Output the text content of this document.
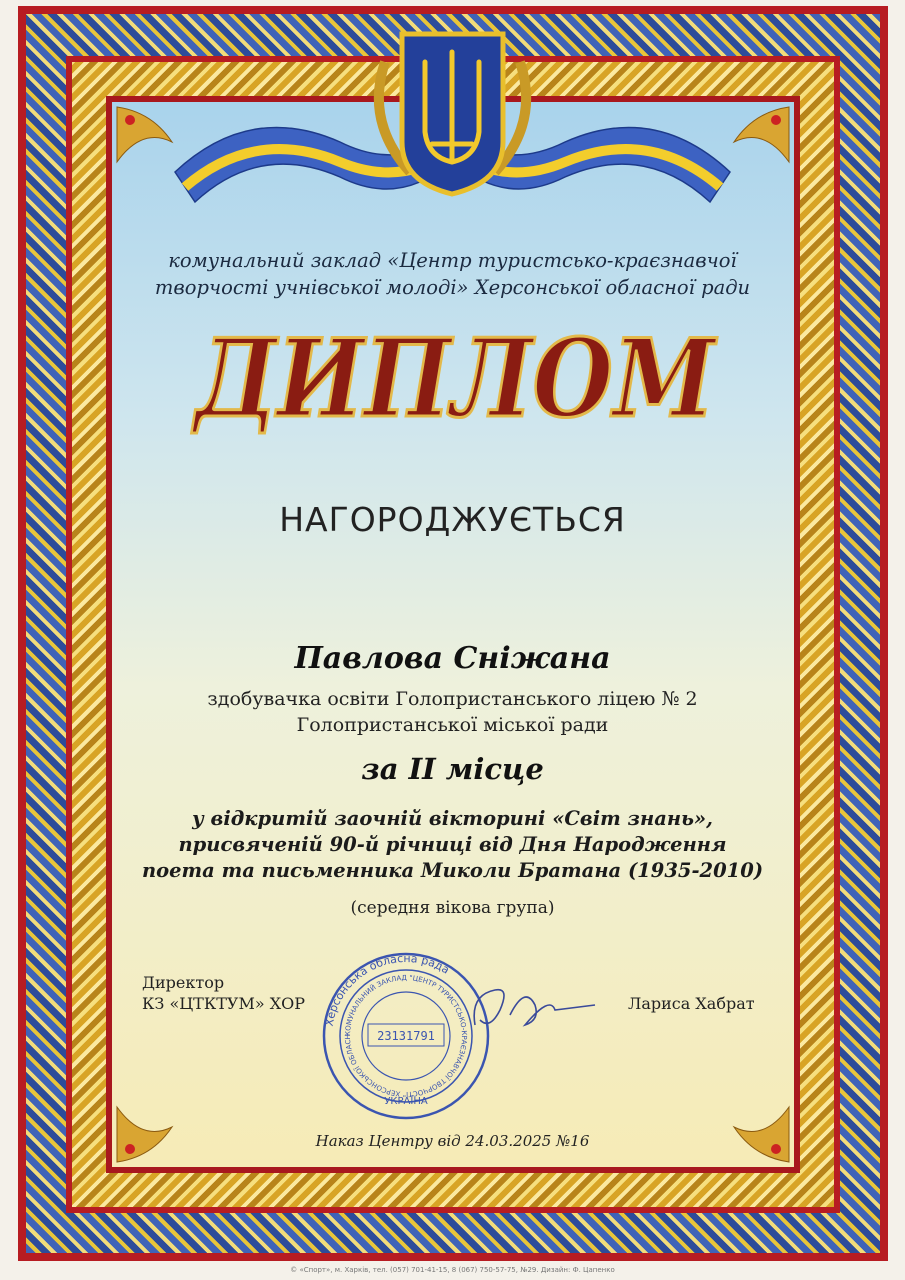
комунальний заклад «Центр туристсько-краєзнавчої
творчості учнівської молоді» Херсонської обласної ради
ДИПЛОМ
НАГОРОДЖУЄТЬСЯ
Павлова Сніжана
здобувачка освіти Голопристанського ліцею № 2
Голопристанської міської ради
за ІІ місце
у відкритій заочній вікторині «Світ знань»,
присвяченій 90-й річниці від Дня Народження
поета та письменника Миколи Братана (1935-2010)
(середня вікова група)
Директор
КЗ «ЦТКТУМ» ХОР
Херсонська обласна рада
КОМУНАЛЬНИЙ ЗАКЛАД "ЦЕНТР ТУРИСТСЬКО-КРАЄЗНАВЧОЇ ТВОРЧОСТІ" ХЕРСОНСЬКОЇ ОБЛАСН	23131791
УКРАЇНА
Лариса Хабрат
Наказ Центру від 24.03.2025 №16
© «Спорт», м. Харків, тел. (057) 701-41-15, 8 (067) 750-57-75, №29. Дизайн: Ф. Цапенко
